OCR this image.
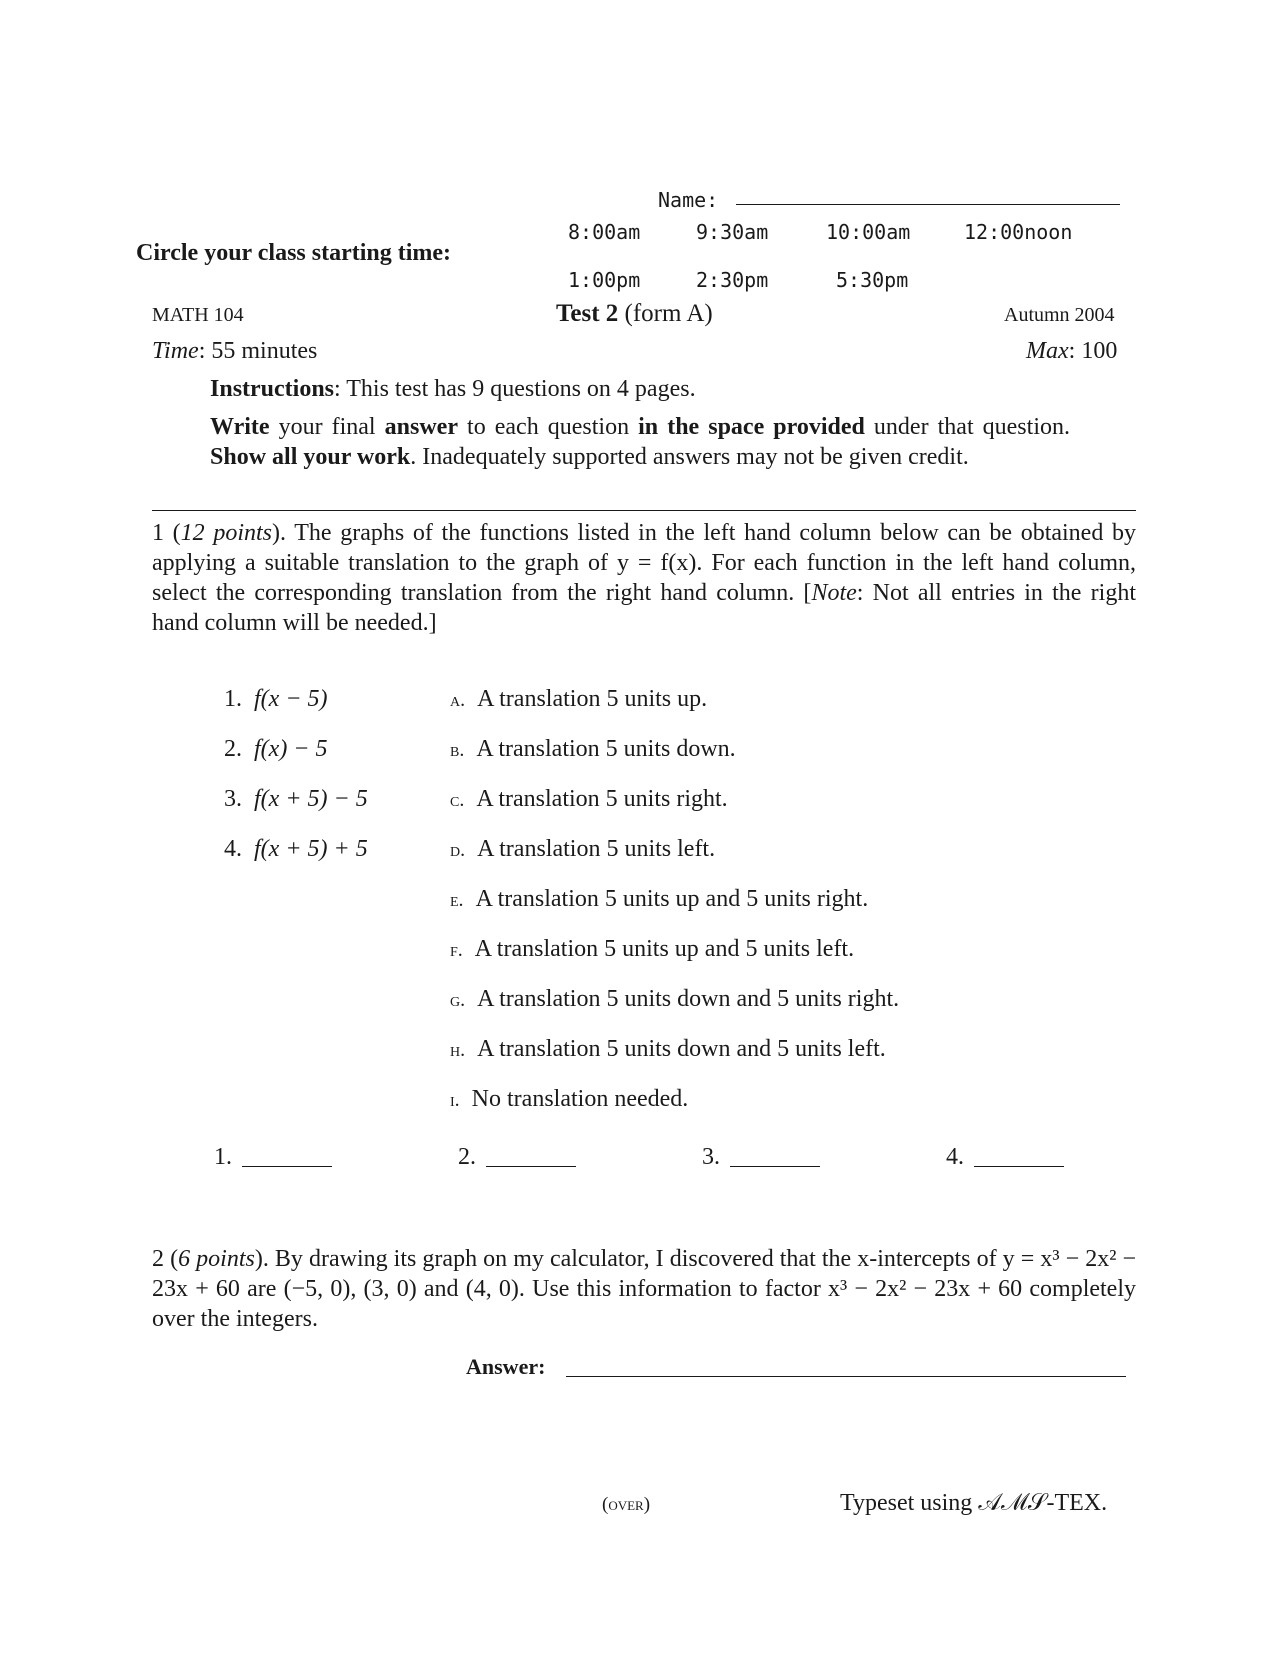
Name:
Circle your class starting time:
8:00am	9:30am	10:00am	12:00noon
1:00pm	2:30pm	5:30pm
MATH 104	Test 2 (form A)	Autumn 2004
Time: 55 minutes	Max: 100
Instructions: This test has 9 questions on 4 pages.
Write your final answer to each question in the space provided under that question. Show all your work. Inadequately supported answers may not be given credit.
1 (12 points). The graphs of the functions listed in the left hand column below can be obtained by applying a suitable translation to the graph of y = f(x). For each function in the left hand column, select the corresponding translation from the right hand column. [Note: Not all entries in the right hand column will be needed.]
1. f(x − 5)
2. f(x) − 5
3. f(x + 5) − 5
4. f(x + 5) + 5
a. A translation 5 units up.
b. A translation 5 units down.
c. A translation 5 units right.
d. A translation 5 units left.
e. A translation 5 units up and 5 units right.
f. A translation 5 units up and 5 units left.
g. A translation 5 units down and 5 units right.
h. A translation 5 units down and 5 units left.
i. No translation needed.
1.	2.	3.	4.
2 (6 points). By drawing its graph on my calculator, I discovered that the x-intercepts of y = x³ − 2x² − 23x + 60 are (−5, 0), (3, 0) and (4, 0). Use this information to factor x³ − 2x² − 23x + 60 completely over the integers.
Answer:
(over)	Typeset using 𝒜ℳ𝒮-TEX.
